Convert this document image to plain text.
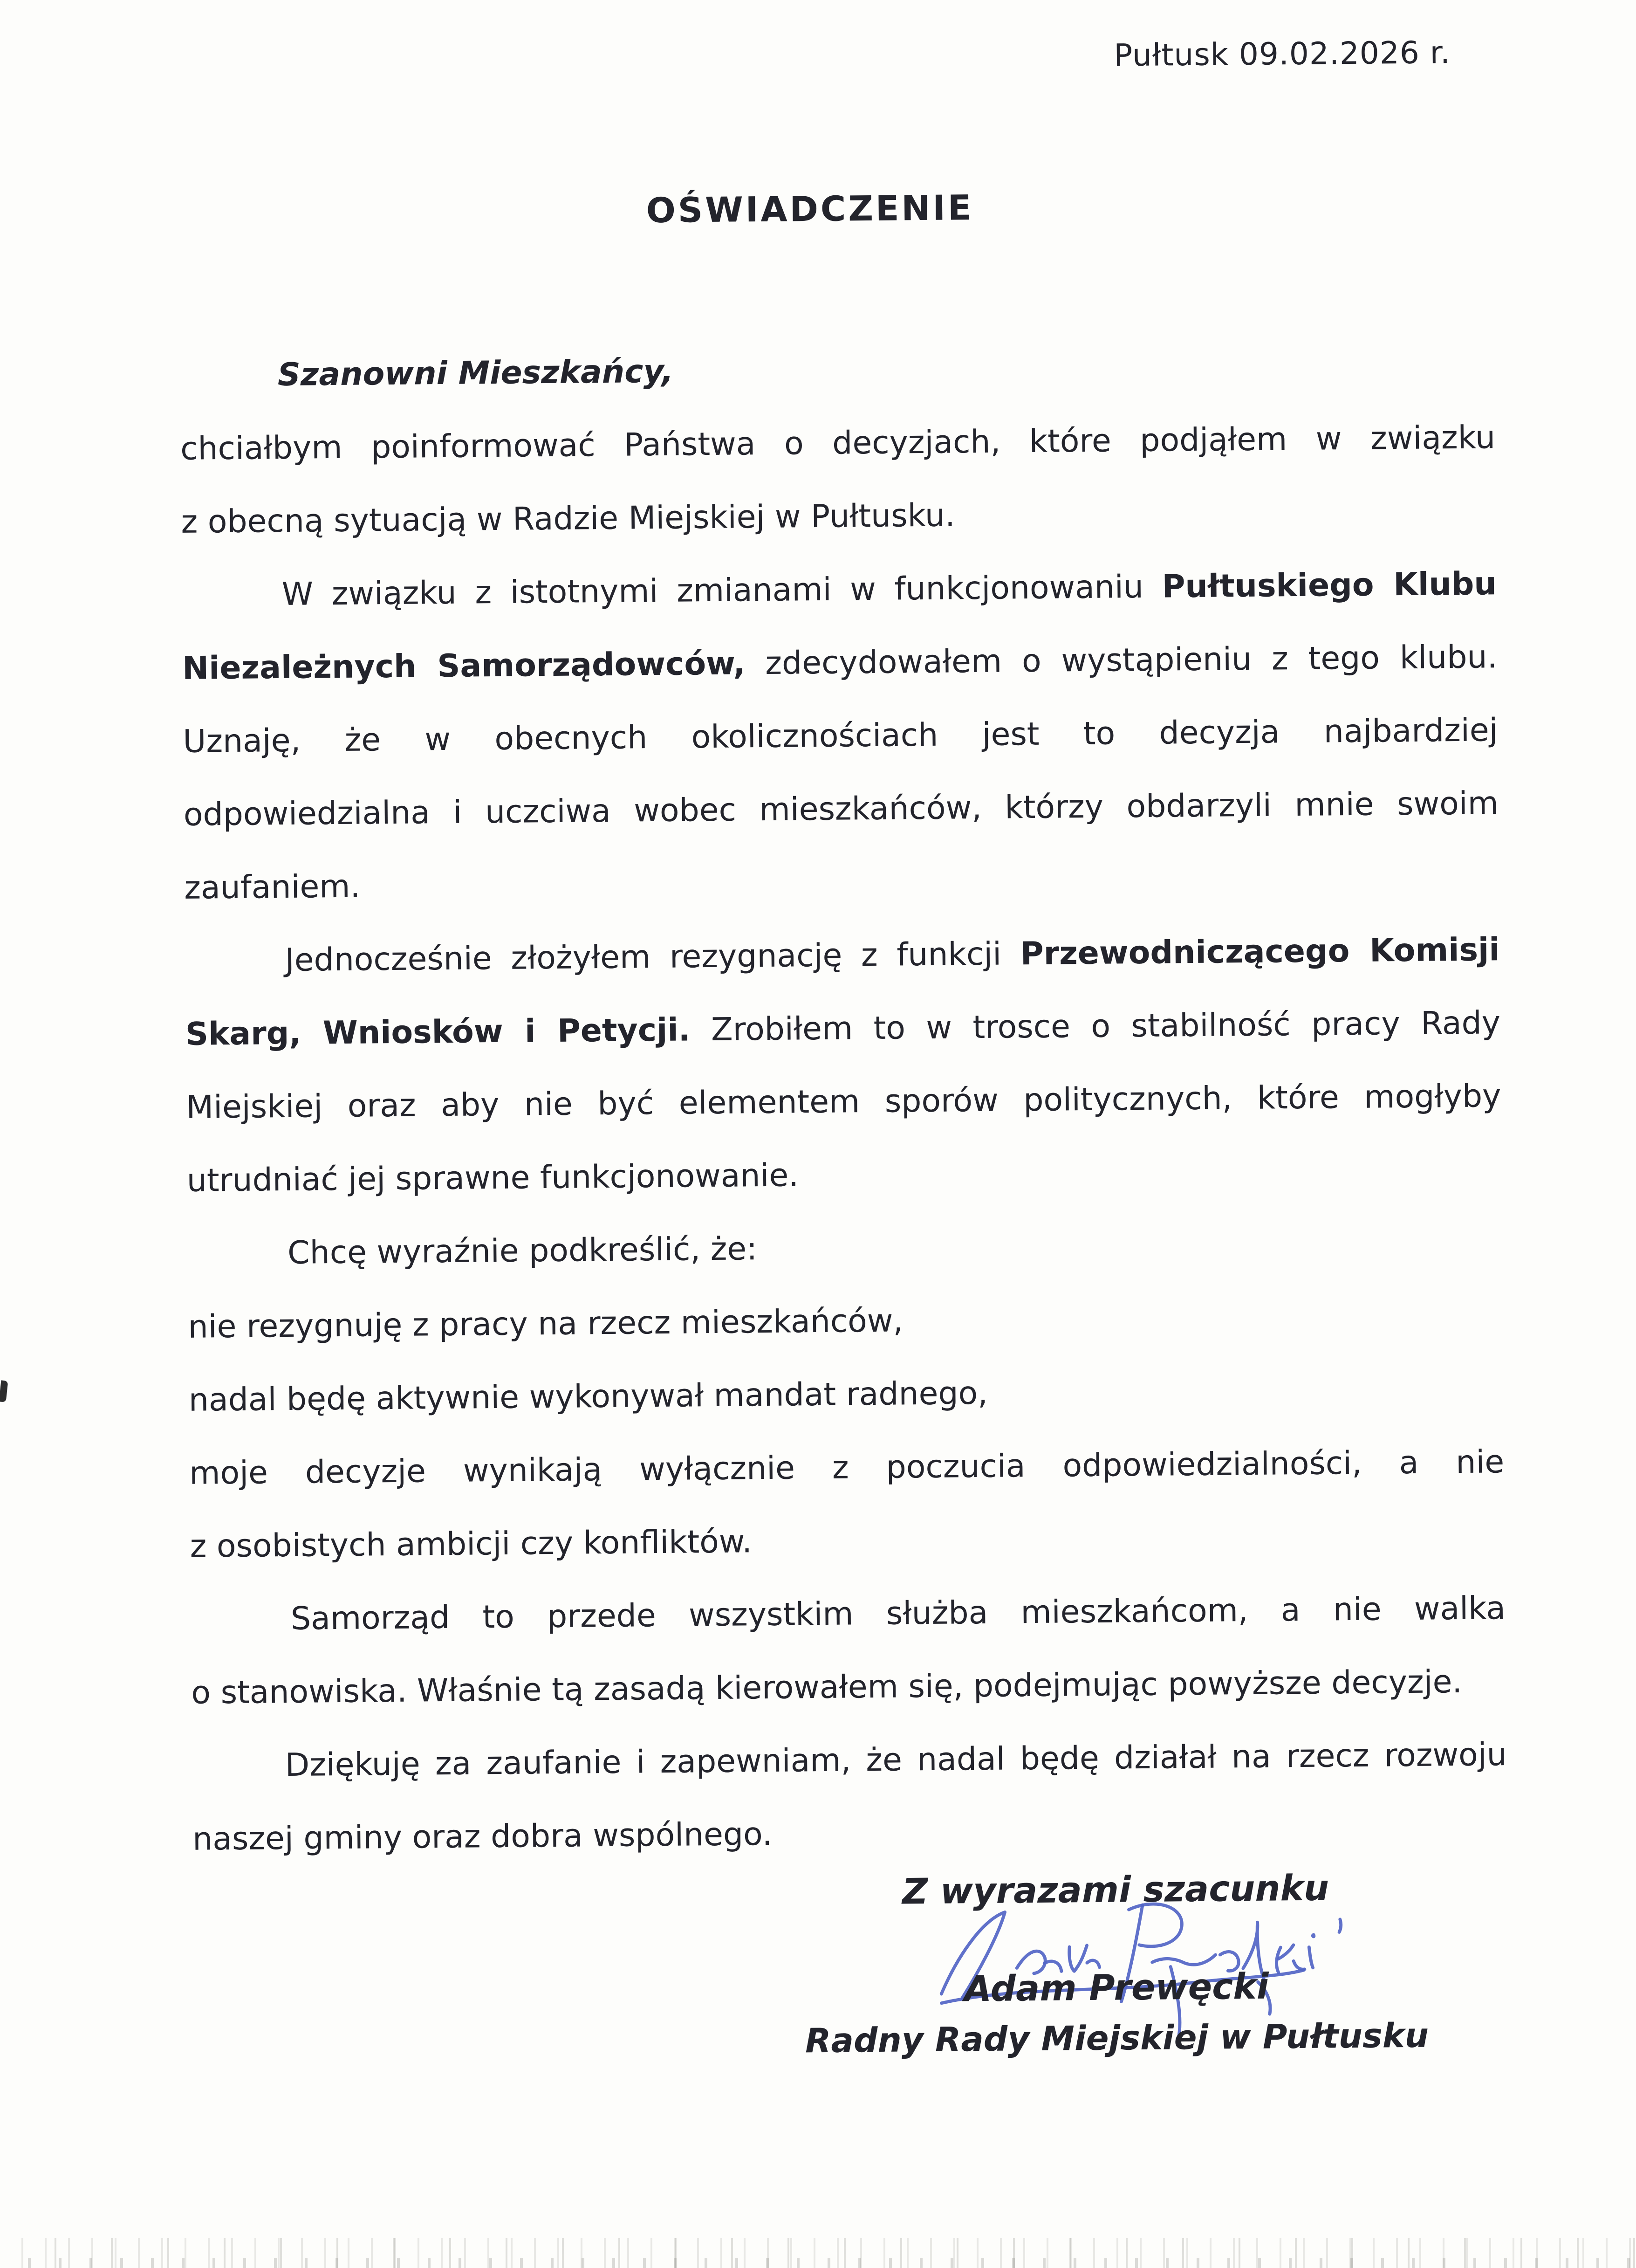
Pułtusk 09.02.2026 r.
OŚWIADCZENIE
Szanowni Mieszkańcy,
chciałbym poinformować Państwa o decyzjach, które podjąłem w związku
z obecną sytuacją w Radzie Miejskiej w Pułtusku.
W związku z istotnymi zmianami w funkcjonowaniu Pułtuskiego Klubu
Niezależnych Samorządowców, zdecydowałem o wystąpieniu z tego klubu.
Uznaję, że w obecnych okolicznościach jest to decyzja najbardziej
odpowiedzialna i uczciwa wobec mieszkańców, którzy obdarzyli mnie swoim
zaufaniem.
Jednocześnie złożyłem rezygnację z funkcji Przewodniczącego Komisji
Skarg, Wniosków i Petycji. Zrobiłem to w trosce o stabilność pracy Rady
Miejskiej oraz aby nie być elementem sporów politycznych, które mogłyby
utrudniać jej sprawne funkcjonowanie.
Chcę wyraźnie podkreślić, że:
nie rezygnuję z pracy na rzecz mieszkańców,
nadal będę aktywnie wykonywał mandat radnego,
moje decyzje wynikają wyłącznie z poczucia odpowiedzialności, a nie
z osobistych ambicji czy konfliktów.
Samorząd to przede wszystkim służba mieszkańcom, a nie walka
o stanowiska. Właśnie tą zasadą kierowałem się, podejmując powyższe decyzje.
Dziękuję za zaufanie i zapewniam, że nadal będę działał na rzecz rozwoju
naszej gminy oraz dobra wspólnego.
Z wyrazami szacunku
Adam Prewęcki
Radny Rady Miejskiej w Pułtusku
